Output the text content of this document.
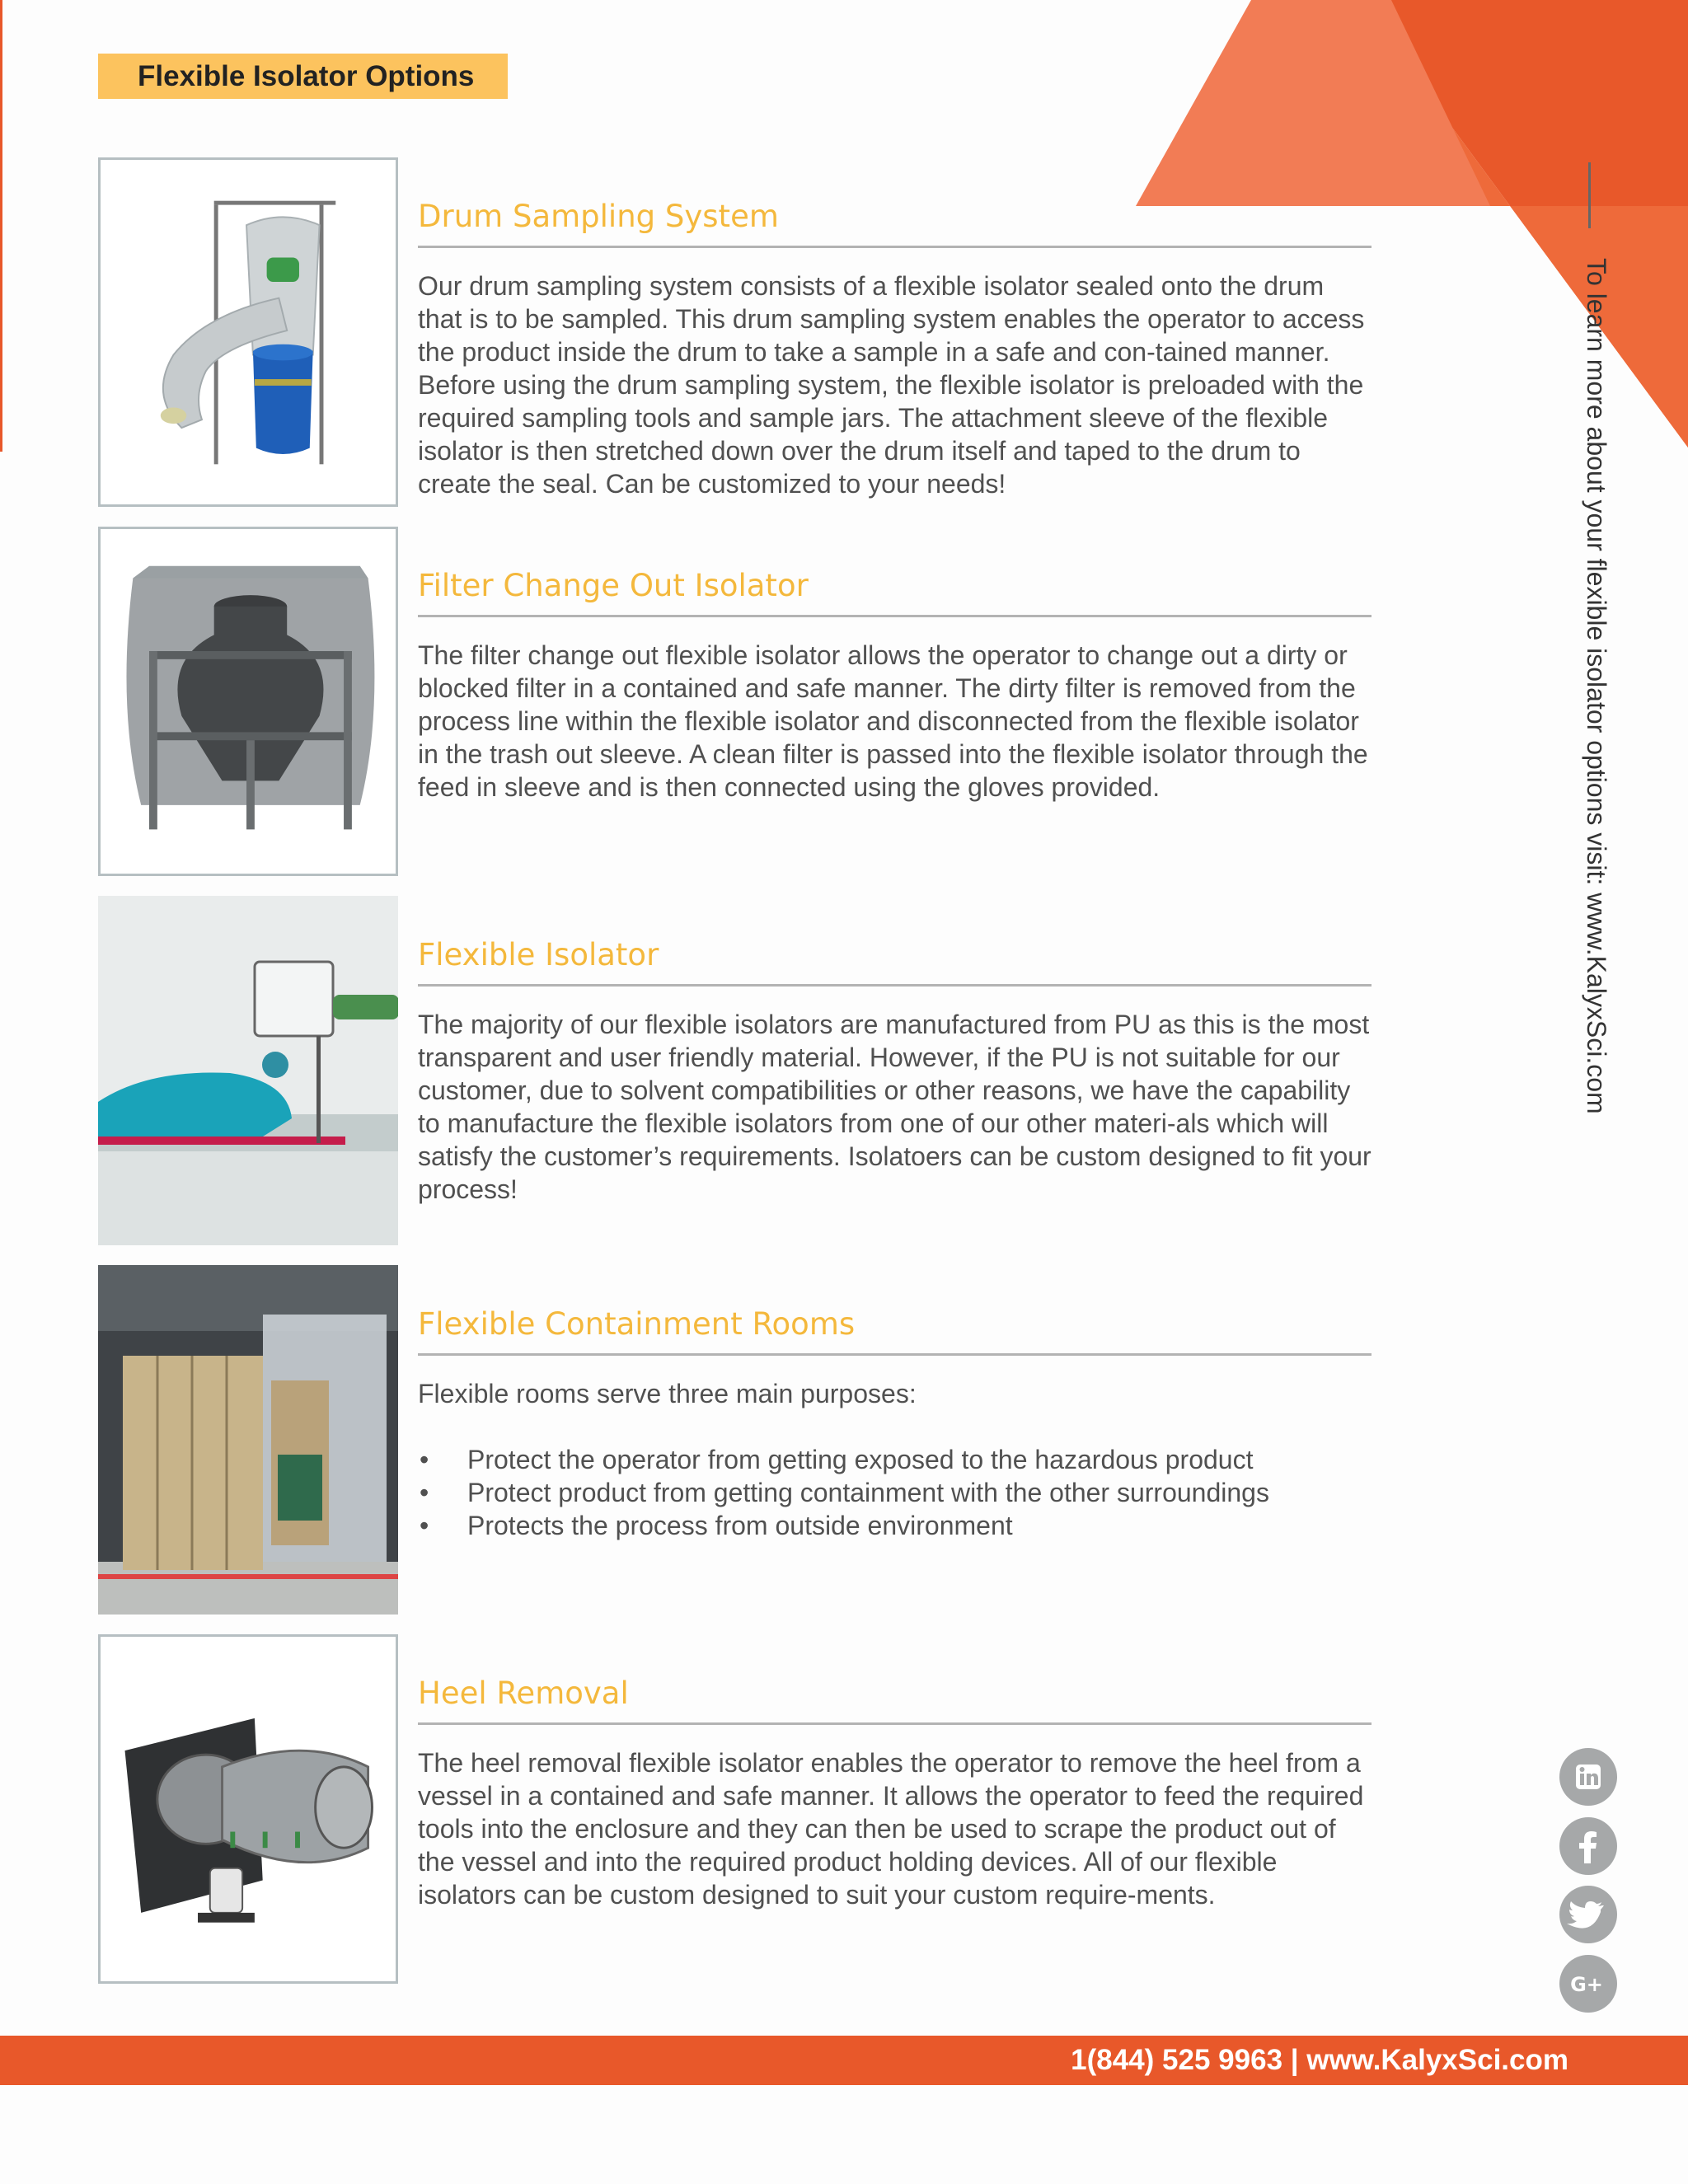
Flexible Isolator Options
Drum Sampling System
Our drum sampling system consists of a flexible isolator sealed onto the drum that is to be sampled. This drum sampling system enables the operator to access the product inside the drum to take a sample in a safe and con-tained manner. Before using the drum sampling system, the flexible isolator is preloaded with the required sampling tools and sample jars. The attachment sleeve of the flexible isolator is then stretched down over the drum itself and taped to the drum to create the seal. Can be customized to your needs!
Filter Change Out Isolator
The filter change out flexible isolator allows the operator to change out a dirty or blocked filter in a contained and safe manner. The dirty filter is removed from the process line within the flexible isolator and disconnected from the flexible isolator in the trash out sleeve. A clean filter is passed into the flexible isolator through the feed in sleeve and is then connected using the gloves provided.
Flexible Isolator
The majority of our flexible isolators are manufactured from PU as this is the most transparent and user friendly material. However, if the PU is not suitable for our customer, due to solvent compatibilities or other reasons, we have the capability to manufacture the flexible isolators from one of our other materi-als which will satisfy the customer’s requirements. Isolatoers can be custom designed to fit your process!
Flexible Containment Rooms
Flexible rooms serve three main purposes:
• Protect the operator from getting exposed to the hazardous product
• Protect product from getting containment with the other surroundings
• Protects the process from outside environment
Heel Removal
The heel removal flexible isolator enables the operator to remove the heel from a vessel in a contained and safe manner. It allows the operator to feed the required tools into the enclosure and they can then be used to scrape the product out of the vessel and into the required product holding devices. All of our flexible isolators can be custom designed to suit your custom require-ments.
To learn more about your flexible isolator options visit: www.KalyxSci.com
G+
1(844) 525 9963 | www.KalyxSci.com
